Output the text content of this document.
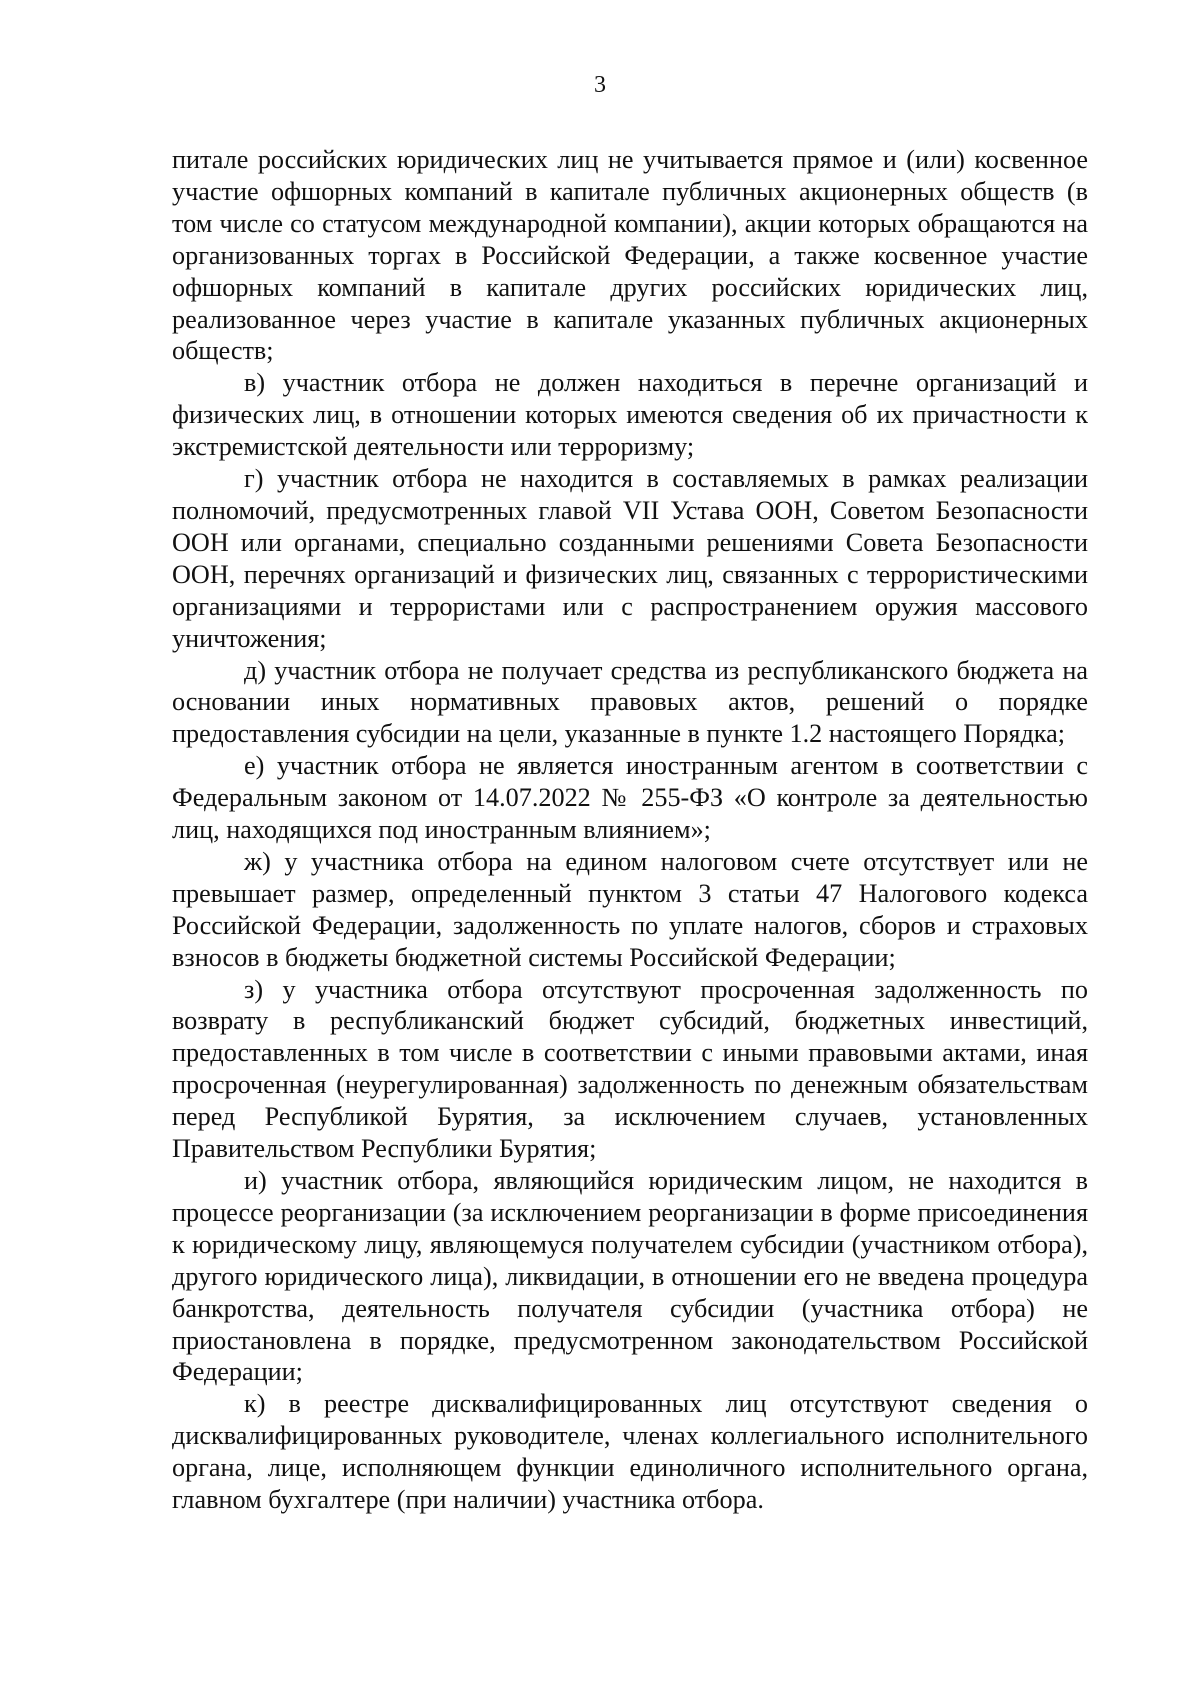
3

питале российских юридических лиц не учитывается прямое и (или) косвенное участие офшорных компаний в капитале публичных акционерных обществ (в том числе со статусом международной компании), акции которых обращаются на организованных торгах в Российской Федерации, а также косвенное участие офшорных компаний в капитале других российских юридических лиц, реализованное через участие в капитале указанных публичных акционерных обществ;

в) участник отбора не должен находиться в перечне организаций и физических лиц, в отношении которых имеются сведения об их причастности к экстремистской деятельности или терроризму;

г) участник отбора не находится в составляемых в рамках реализации полномочий, предусмотренных главой VII Устава ООН, Советом Безопасности ООН или органами, специально созданными решениями Совета Безопасности ООН, перечнях организаций и физических лиц, связанных с террористическими организациями и террористами или с распространением оружия массового уничтожения;

д) участник отбора не получает средства из республиканского бюджета на основании иных нормативных правовых актов, решений о порядке предоставления субсидии на цели, указанные в пункте 1.2 настоящего Порядка;

е) участник отбора не является иностранным агентом в соответствии с Федеральным законом от 14.07.2022 № 255-ФЗ «О контроле за деятельностью лиц, находящихся под иностранным влиянием»;

ж) у участника отбора на едином налоговом счете отсутствует или не превышает размер, определенный пунктом 3 статьи 47 Налогового кодекса Российской Федерации, задолженность по уплате налогов, сборов и страховых взносов в бюджеты бюджетной системы Российской Федерации;

з) у участника отбора отсутствуют просроченная задолженность по возврату в республиканский бюджет субсидий, бюджетных инвестиций, предоставленных в том числе в соответствии с иными правовыми актами, иная просроченная (неурегулированная) задолженность по денежным обязательствам перед Республикой Бурятия, за исключением случаев, установленных Правительством Республики Бурятия;

и) участник отбора, являющийся юридическим лицом, не находится в процессе реорганизации (за исключением реорганизации в форме присоединения к юридическому лицу, являющемуся получателем субсидии (участником отбора), другого юридического лица), ликвидации, в отношении его не введена процедура банкротства, деятельность получателя субсидии (участника отбора) не приостановлена в порядке, предусмотренном законодательством Российской Федерации;

к) в реестре дисквалифицированных лиц отсутствуют сведения о дисквалифицированных руководителе, членах коллегиального исполнительного органа, лице, исполняющем функции единоличного исполнительного органа, главном бухгалтере (при наличии) участника отбора.
